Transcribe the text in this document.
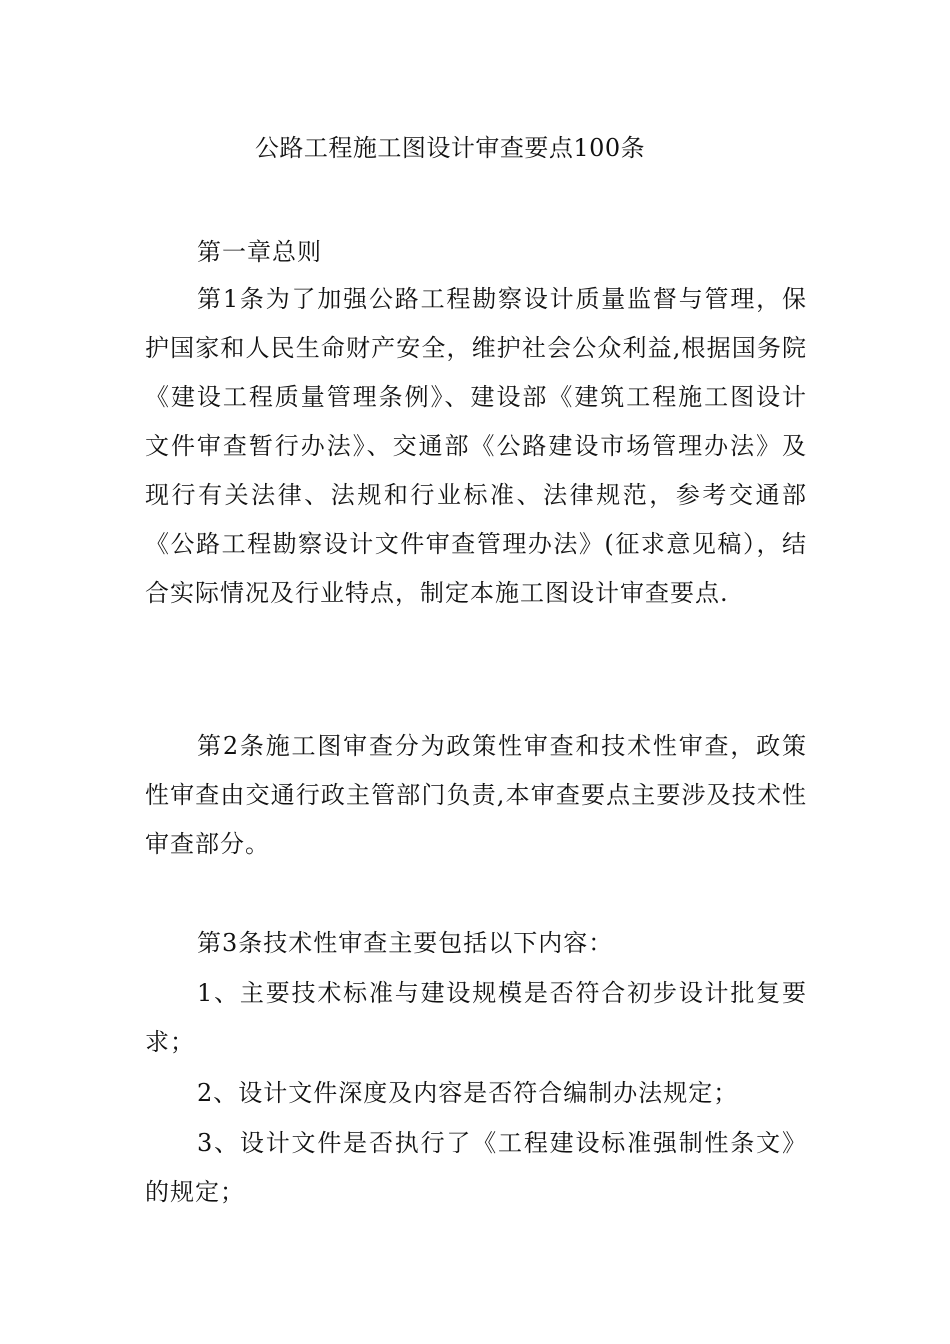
公路工程施工图设计审查要点100条

第一章总则

第1条为了加强公路工程勘察设计质量监督与管理，保护国家和人民生命财产安全，维护社会公众利益,根据国务院《建设工程质量管理条例》、建设部《建筑工程施工图设计文件审查暂行办法》、交通部《公路建设市场管理办法》及现行有关法律、法规和行业标准、法律规范，参考交通部《公路工程勘察设计文件审查管理办法》(征求意见稿），结合实际情况及行业特点，制定本施工图设计审查要点.

第2条施工图审查分为政策性审查和技术性审查，政策性审查由交通行政主管部门负责,本审查要点主要涉及技术性审查部分。

第3条技术性审查主要包括以下内容：

1、主要技术标准与建设规模是否符合初步设计批复要求；

2、设计文件深度及内容是否符合编制办法规定；

3、设计文件是否执行了《工程建设标准强制性条文》的规定；
